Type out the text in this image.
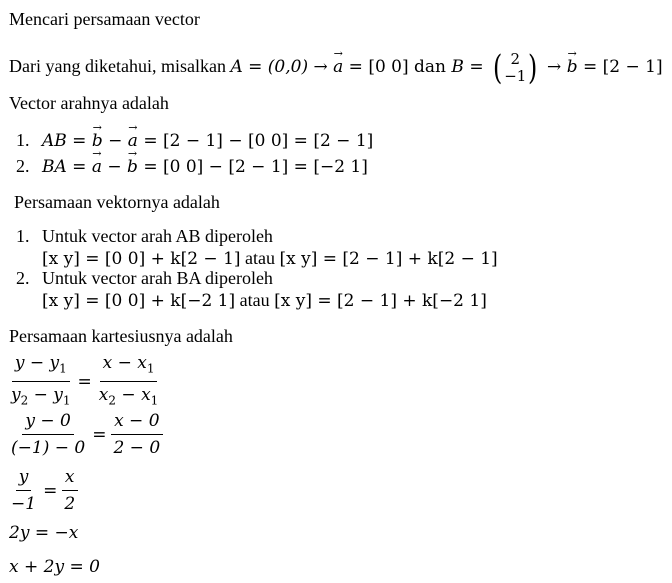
Mencari persamaan vector
Dari yang diketahui, misalkan A = (0,0) → → a = [0 0] dan B = ( 2
−1 ) → → b = [2 − 1]
Vector arahnya adalah
1. AB = → b − → a = [2 − 1] − [0 0] = [2 − 1]
2. BA = → a − → b = [0 0] − [2 − 1] = [−2 1]
Persamaan vektornya adalah
1. Untuk vector arah AB diperoleh
[x y] = [0 0] + k[2 − 1] atau [x y] = [2 − 1] + k[2 − 1]
2. Untuk vector arah BA diperoleh
[x y] = [0 0] + k[−2 1] atau [x y] = [2 − 1] + k[−2 1]
Persamaan kartesiusnya adalah
$\frac{y - y_1}{y_2 - y_1} = \frac{x - x_1}{x_2 - x_1}$
$\frac{y - 0}{(-1) - 0} = \frac{x - 0}{2 - 0}$
$\frac{y}{-1} = \frac{x}{2}$
2y = −x
x + 2y = 0
